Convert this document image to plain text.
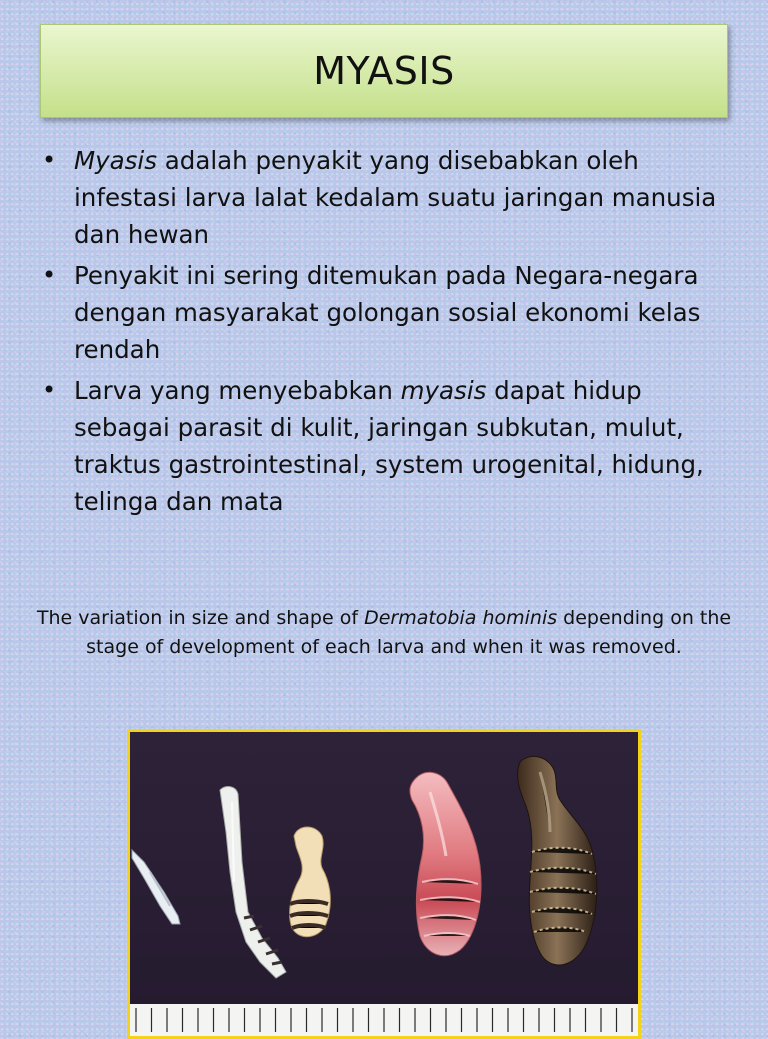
MYASIS
• Myasis adalah penyakit yang disebabkan oleh infestasi larva lalat kedalam suatu jaringan manusia dan hewan
• Penyakit ini sering ditemukan pada Negara-negara dengan masyarakat golongan sosial ekonomi kelas rendah
• Larva yang menyebabkan myasis dapat hidup sebagai parasit di kulit, jaringan subkutan, mulut, traktus gastrointestinal, system urogenital, hidung, telinga dan mata
The variation in size and shape of Dermatobia hominis depending on the stage of development of each larva and when it was removed.
